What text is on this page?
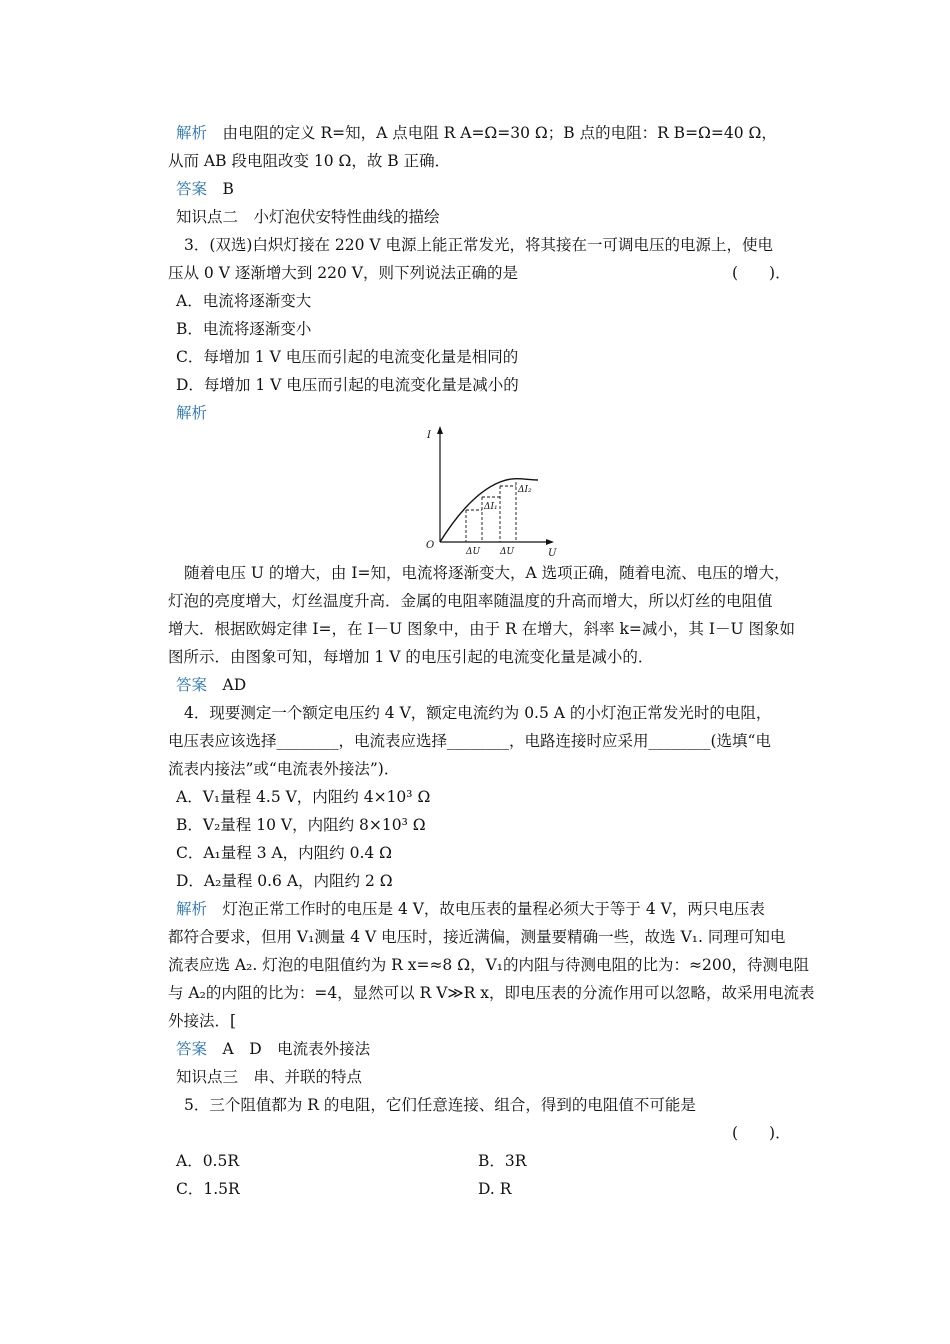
解析　由电阻的定义 R=知，A 点电阻 R A=Ω=30 Ω；B 点的电阻：R B=Ω=40 Ω，
从而 AB 段电阻改变 10 Ω，故 B 正确．
答案　B
知识点二　小灯泡伏安特性曲线的描绘
3．(双选)白炽灯接在 220 V 电源上能正常发光，将其接在一可调电压的电源上，使电
压从 0 V 逐渐增大到 220 V，则下列说法正确的是	(　　)．
A．电流将逐渐变大
B．电流将逐渐变小
C．每增加 1 V 电压而引起的电流变化量是相同的
D．每增加 1 V 电压而引起的电流变化量是减小的
解析
I
U
O
ΔU ΔU
ΔI₁
ΔI₂
随着电压 U 的增大，由 I=知，电流将逐渐变大，A 选项正确，随着电流、电压的增大，
灯泡的亮度增大，灯丝温度升高．金属的电阻率随温度的升高而增大，所以灯丝的电阻值
增大．根据欧姆定律 I=，在 I－U 图象中，由于 R 在增大，斜率 k=减小，其 I－U 图象如
图所示．由图象可知，每增加 1 V 的电压引起的电流变化量是减小的．
答案　AD
4．现要测定一个额定电压约 4 V，额定电流约为 0.5 A 的小灯泡正常发光时的电阻，
电压表应该选择________，电流表应选择________，电路连接时应采用________(选填“电
流表内接法”或“电流表外接法”)．
A．V₁量程 4.5 V，内阻约 4×10³ Ω
B．V₂量程 10 V，内阻约 8×10³ Ω
C．A₁量程 3 A，内阻约 0.4 Ω
D．A₂量程 0.6 A，内阻约 2 Ω
解析　灯泡正常工作时的电压是 4 V，故电压表的量程必须大于等于 4 V，两只电压表
都符合要求，但用 V₁测量 4 V 电压时，接近满偏，测量要精确一些，故选 V₁. 同理可知电
流表应选 A₂. 灯泡的电阻值约为 R x=≈8 Ω，V₁的内阻与待测电阻的比为：≈200，待测电阻
与 A₂的内阻的比为：=4，显然可以 R V≫R x，即电压表的分流作用可以忽略，故采用电流表
外接法．[
答案　A　D　电流表外接法
知识点三　串、并联的特点
5．三个阻值都为 R 的电阻，它们任意连接、组合，得到的电阻值不可能是
(　　)．
A．0.5R	B．3R
C．1.5R	D. R
